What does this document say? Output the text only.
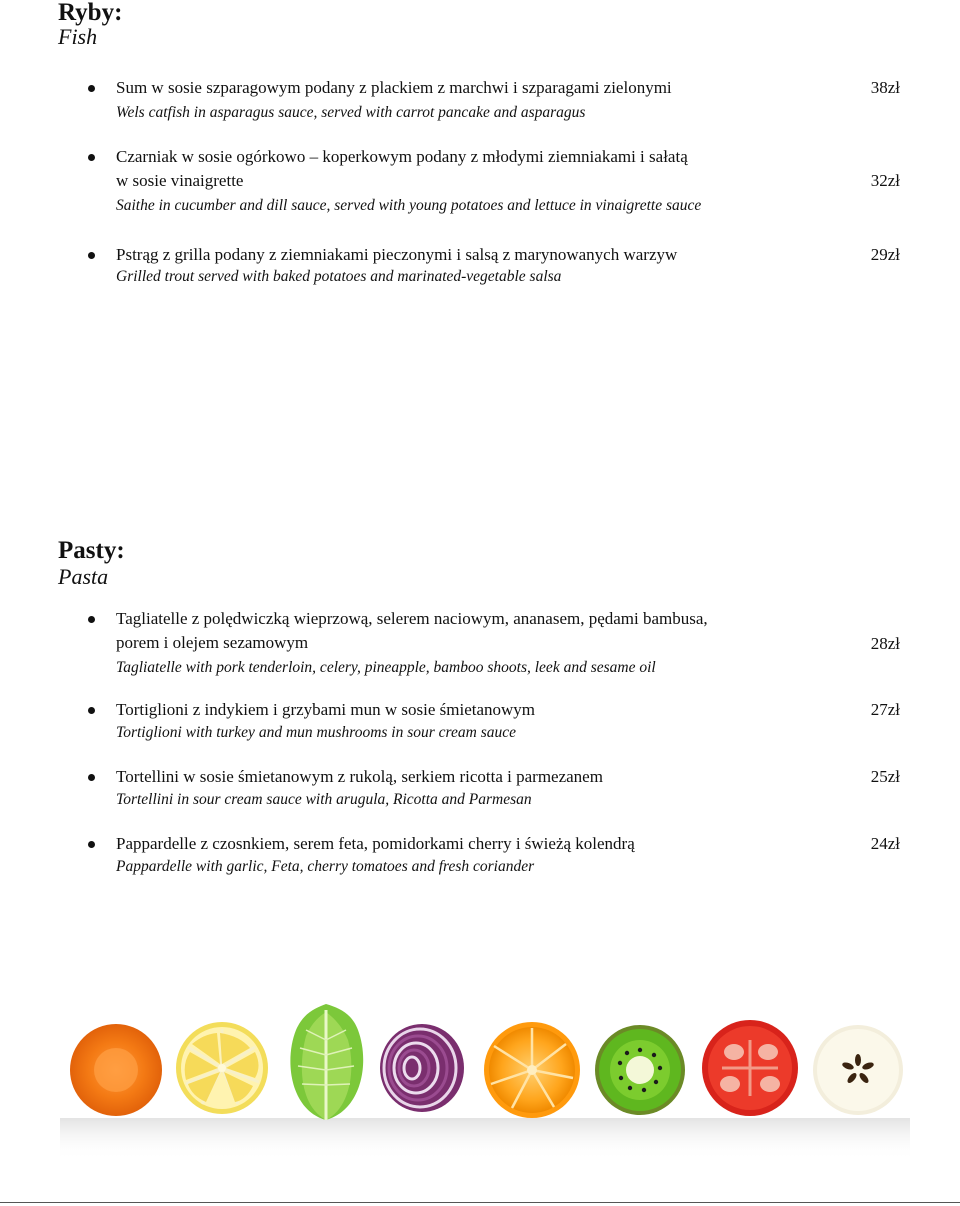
Ryby:
Fish
Sum w sosie szparagowym podany z plackiem z marchwi i szparagami zielonymi
Wels catfish in asparagus sauce, served with carrot pancake and asparagus
38zł
Czarniak w sosie ogórkowo – koperkowym podany z młodymi ziemniakami i sałatą
w sosie vinaigrette
Saithe in cucumber and dill sauce, served with young potatoes and lettuce in vinaigrette sauce
32zł
Pstrąg z grilla podany z ziemniakami pieczonymi i salsą z marynowanych warzyw
Grilled trout served with baked potatoes and marinated-vegetable salsa
29zł
Pasty:
Pasta
Tagliatelle z polędwiczką wieprzową, selerem naciowym, ananasem, pędami bambusa,
porem i olejem sezamowym
Tagliatelle with pork tenderloin, celery, pineapple, bamboo shoots, leek and sesame oil
28zł
Tortiglioni z indykiem i grzybami mun w sosie śmietanowym
Tortiglioni with turkey and mun mushrooms in sour cream sauce
27zł
Tortellini w sosie śmietanowym z rukolą, serkiem ricotta i parmezanem
Tortellini in sour cream sauce with arugula, Ricotta and Parmesan
25zł
Pappardelle z czosnkiem, serem feta, pomidorkami cherry i świeżą kolendrą
Pappardelle with garlic, Feta, cherry tomatoes and fresh coriander
24zł
